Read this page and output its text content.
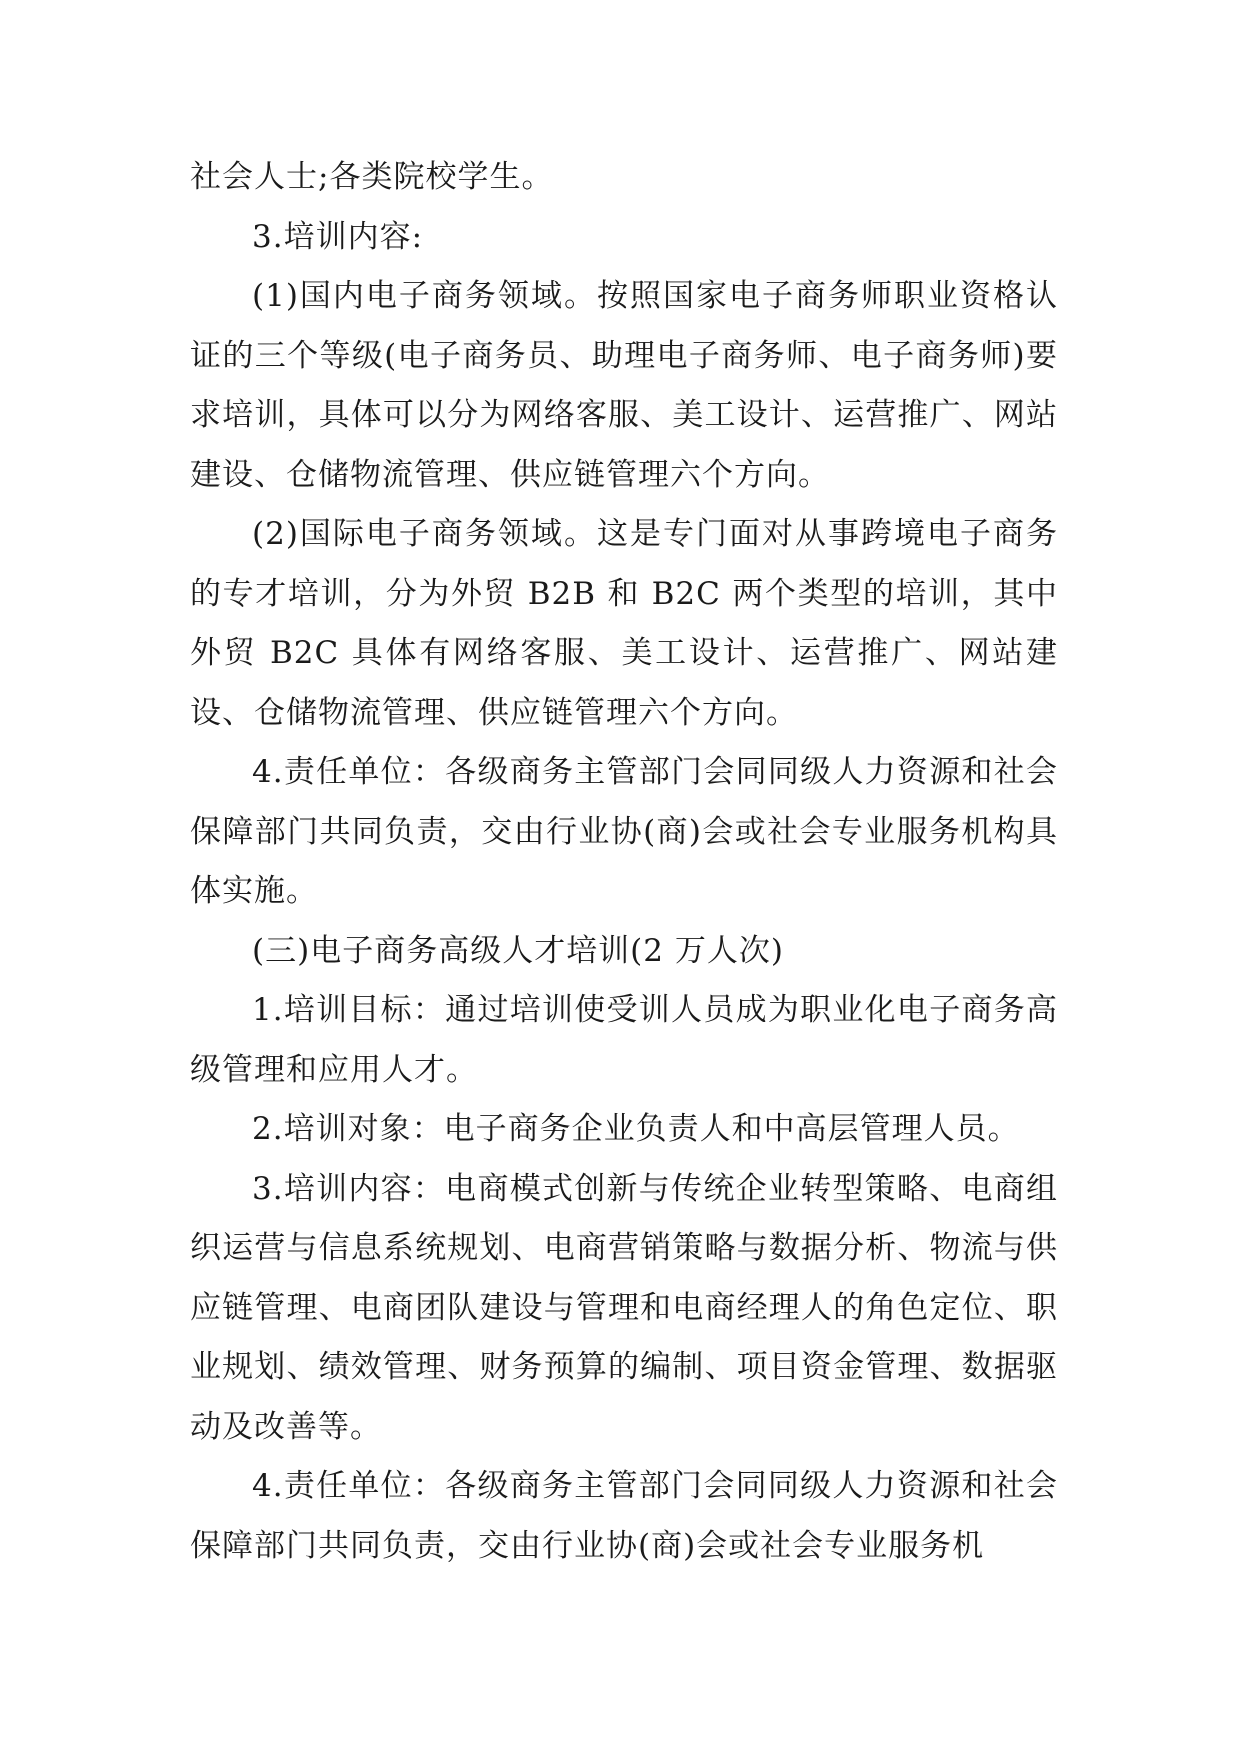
社会人士;各类院校学生。

3.培训内容:

(1)国内电子商务领域。按照国家电子商务师职业资格认证的三个等级(电子商务员、助理电子商务师、电子商务师)要求培训，具体可以分为网络客服、美工设计、运营推广、网站建设、仓储物流管理、供应链管理六个方向。

(2)国际电子商务领域。这是专门面对从事跨境电子商务的专才培训，分为外贸 B2B 和 B2C 两个类型的培训，其中外贸 B2C 具体有网络客服、美工设计、运营推广、网站建设、仓储物流管理、供应链管理六个方向。

4.责任单位：各级商务主管部门会同同级人力资源和社会保障部门共同负责，交由行业协(商)会或社会专业服务机构具体实施。

(三)电子商务高级人才培训(2 万人次)

1.培训目标：通过培训使受训人员成为职业化电子商务高级管理和应用人才。

2.培训对象：电子商务企业负责人和中高层管理人员。

3.培训内容：电商模式创新与传统企业转型策略、电商组织运营与信息系统规划、电商营销策略与数据分析、物流与供应链管理、电商团队建设与管理和电商经理人的角色定位、职业规划、绩效管理、财务预算的编制、项目资金管理、数据驱动及改善等。

4.责任单位：各级商务主管部门会同同级人力资源和社会保障部门共同负责，交由行业协(商)会或社会专业服务机
